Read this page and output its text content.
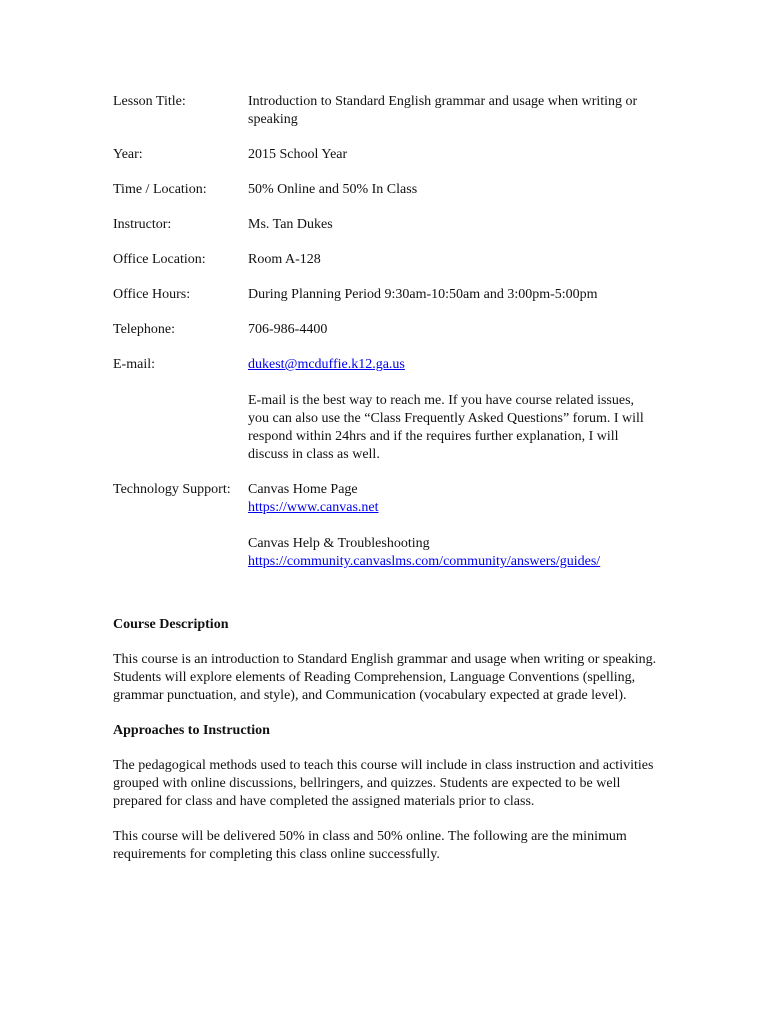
Lesson Title:	Introduction to Standard English grammar and usage when writing or speaking
Year:	2015 School Year
Time / Location:	50% Online and 50% In Class
Instructor:	Ms. Tan Dukes
Office Location:	Room A-128
Office Hours:	During Planning Period 9:30am-10:50am and 3:00pm-5:00pm
Telephone:	706-986-4400
E-mail:	dukest@mcduffie.k12.ga.us
E-mail is the best way to reach me. If you have course related issues, you can also use the “Class Frequently Asked Questions” forum. I will respond within 24hrs and if the requires further explanation, I will discuss in class as well.
Technology Support:	Canvas Home Page
https://www.canvas.net
Canvas Help & Troubleshooting
https://community.canvaslms.com/community/answers/guides/
Course Description

This course is an introduction to Standard English grammar and usage when writing or speaking. Students will explore elements of Reading Comprehension, Language Conventions (spelling, grammar punctuation, and style), and Communication (vocabulary expected at grade level).

Approaches to Instruction

The pedagogical methods used to teach this course will include in class instruction and activities grouped with online discussions, bellringers, and quizzes. Students are expected to be well prepared for class and have completed the assigned materials prior to class.

This course will be delivered 50% in class and 50% online. The following are the minimum requirements for completing this class online successfully.
